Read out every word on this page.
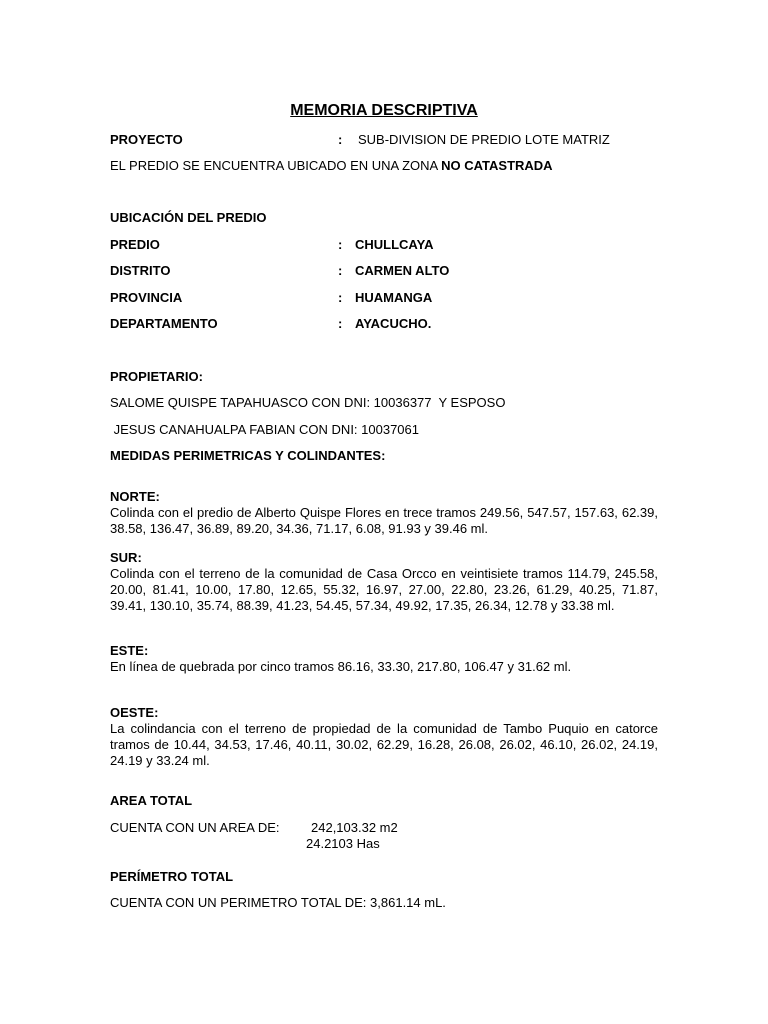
MEMORIA DESCRIPTIVA
PROYECTO	: SUB-DIVISION DE PREDIO LOTE MATRIZ
EL PREDIO SE ENCUENTRA UBICADO EN UNA ZONA NO CATASTRADA
UBICACIÓN DEL PREDIO
PREDIO	: CHULLCAYA
DISTRITO	: CARMEN ALTO
PROVINCIA	: HUAMANGA
DEPARTAMENTO	: AYACUCHO.
PROPIETARIO:
SALOME QUISPE TAPAHUASCO CON DNI: 10036377  Y ESPOSO
JESUS CANAHUALPA FABIAN CON DNI: 10037061
MEDIDAS PERIMETRICAS Y COLINDANTES:
NORTE:
Colinda con el predio de Alberto Quispe Flores en trece tramos 249.56, 547.57, 157.63, 62.39, 38.58, 136.47, 36.89, 89.20, 34.36, 71.17, 6.08, 91.93 y 39.46 ml.
SUR:
Colinda con el terreno de la comunidad de Casa Orcco en veintisiete tramos 114.79, 245.58, 20.00, 81.41, 10.00, 17.80, 12.65, 55.32, 16.97, 27.00, 22.80, 23.26, 61.29, 40.25, 71.87, 39.41, 130.10, 35.74, 88.39, 41.23, 54.45, 57.34, 49.92, 17.35, 26.34, 12.78 y 33.38 ml.
ESTE:
En línea de quebrada por cinco tramos 86.16, 33.30, 217.80, 106.47 y 31.62 ml.
OESTE:
La colindancia con el terreno de propiedad de la comunidad de Tambo Puquio en catorce tramos de 10.44, 34.53, 17.46, 40.11, 30.02, 62.29, 16.28, 26.08, 26.02, 46.10, 26.02, 24.19, 24.19 y 33.24 ml.
AREA TOTAL
CUENTA CON UN AREA DE: 242,103.32 m2
24.2103 Has
PERÍMETRO TOTAL
CUENTA CON UN PERIMETRO TOTAL DE: 3,861.14 mL.
